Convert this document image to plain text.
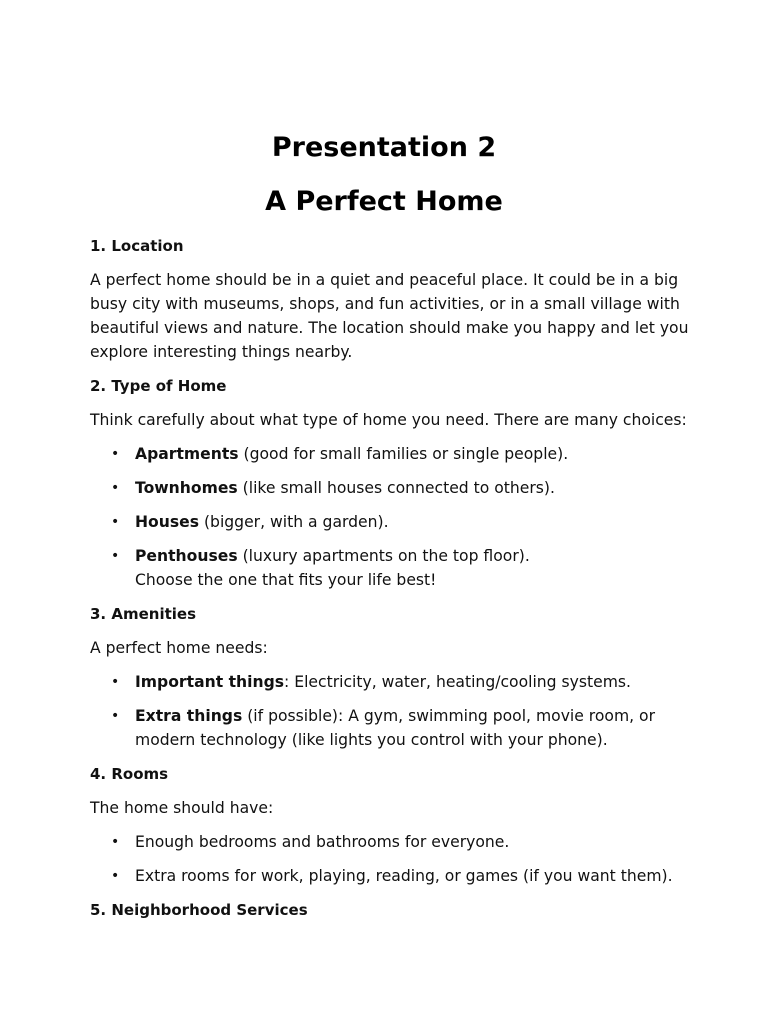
Presentation 2
A Perfect Home

1. Location

A perfect home should be in a quiet and peaceful place. It could be in a big busy city with museums, shops, and fun activities, or in a small village with beautiful views and nature. The location should make you happy and let you explore interesting things nearby.

2. Type of Home

Think carefully about what type of home you need. There are many choices:

• Apartments (good for small families or single people).
• Townhomes (like small houses connected to others).
• Houses (bigger, with a garden).
• Penthouses (luxury apartments on the top floor).
Choose the one that fits your life best!

3. Amenities

A perfect home needs:

• Important things: Electricity, water, heating/cooling systems.
• Extra things (if possible): A gym, swimming pool, movie room, or modern technology (like lights you control with your phone).

4. Rooms

The home should have:

• Enough bedrooms and bathrooms for everyone.
• Extra rooms for work, playing, reading, or games (if you want them).

5. Neighborhood Services
